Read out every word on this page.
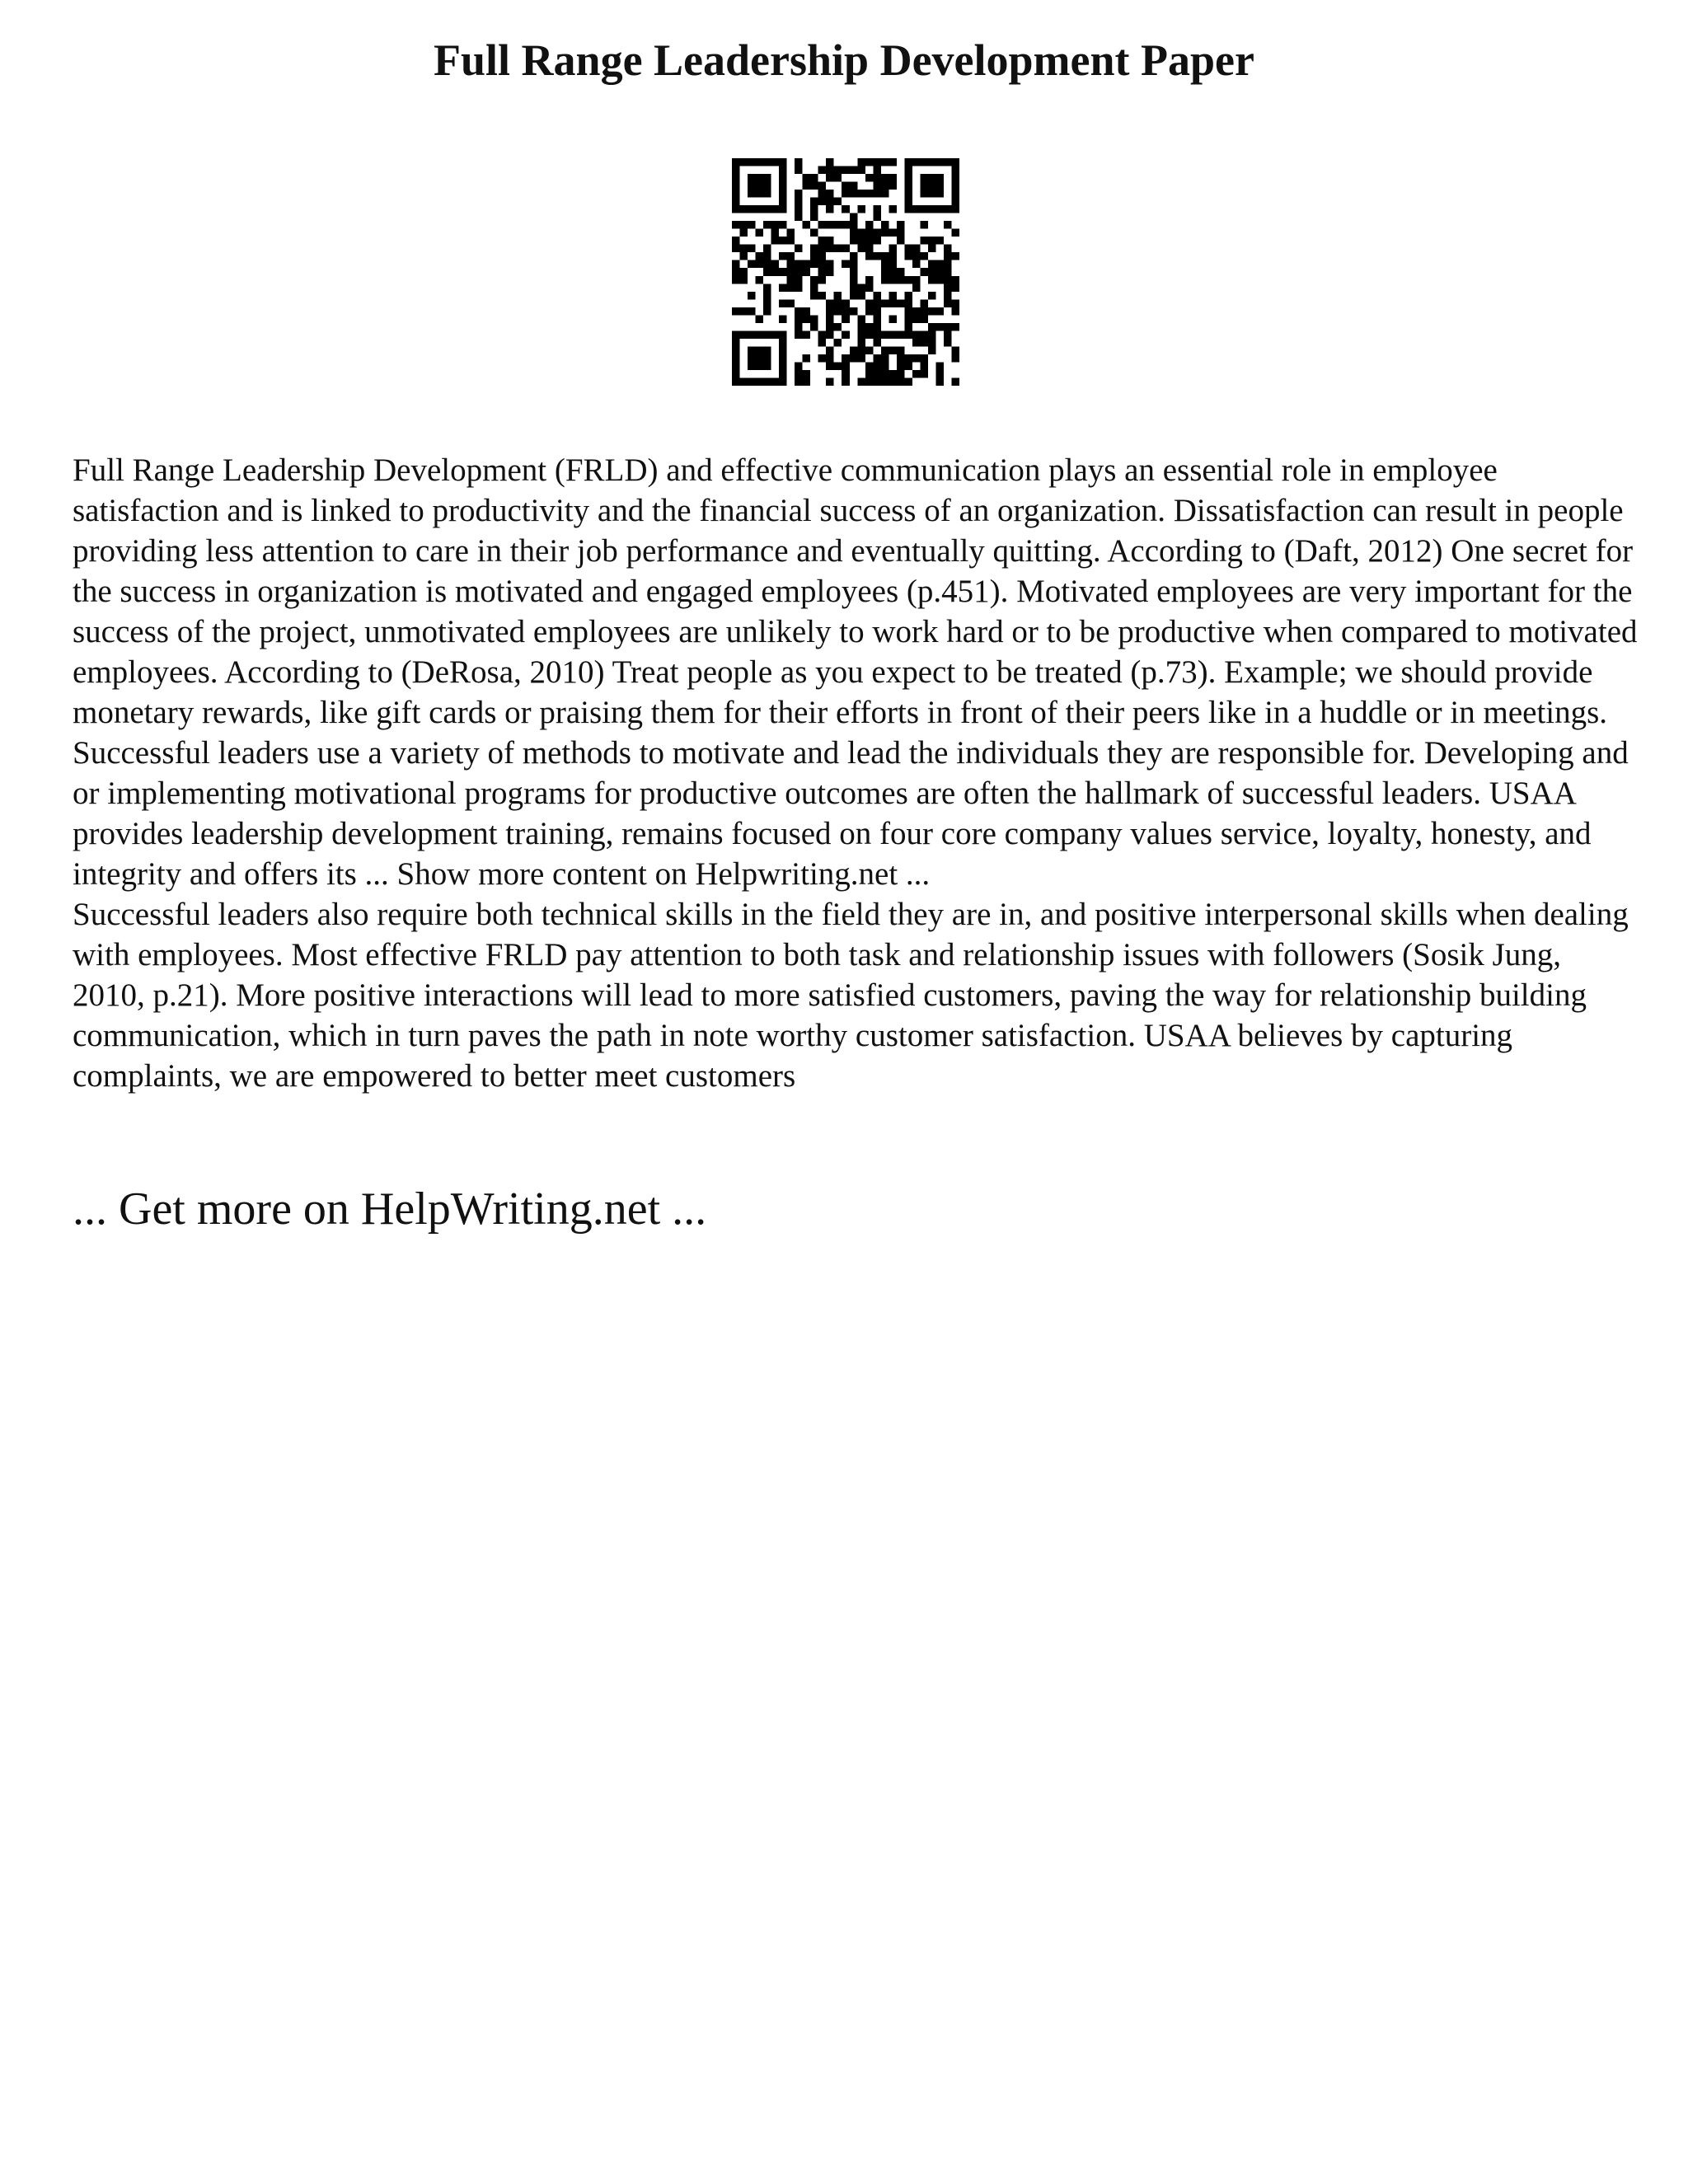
Full Range Leadership Development Paper

Full Range Leadership Development (FRLD) and effective communication plays an essential role in employee satisfaction and is linked to productivity and the financial success of an organization. Dissatisfaction can result in people providing less attention to care in their job performance and eventually quitting. According to (Daft, 2012) One secret for the success in organization is motivated and engaged employees (p.451). Motivated employees are very important for the success of the project, unmotivated employees are unlikely to work hard or to be productive when compared to motivated employees. According to (DeRosa, 2010) Treat people as you expect to be treated (p.73). Example; we should provide monetary rewards, like gift cards or praising them for their efforts in front of their peers like in a huddle or in meetings.

Successful leaders use a variety of methods to motivate and lead the individuals they are responsible for. Developing and or implementing motivational programs for productive outcomes are often the hallmark of successful leaders. USAA provides leadership development training, remains focused on four core company values service, loyalty, honesty, and integrity and offers its ... Show more content on Helpwriting.net ...

Successful leaders also require both technical skills in the field they are in, and positive interpersonal skills when dealing with employees. Most effective FRLD pay attention to both task and relationship issues with followers (Sosik Jung, 2010, p.21). More positive interactions will lead to more satisfied customers, paving the way for relationship building communication, which in turn paves the path in note worthy customer satisfaction. USAA believes by capturing complaints, we are empowered to better meet customers

... Get more on HelpWriting.net ...
